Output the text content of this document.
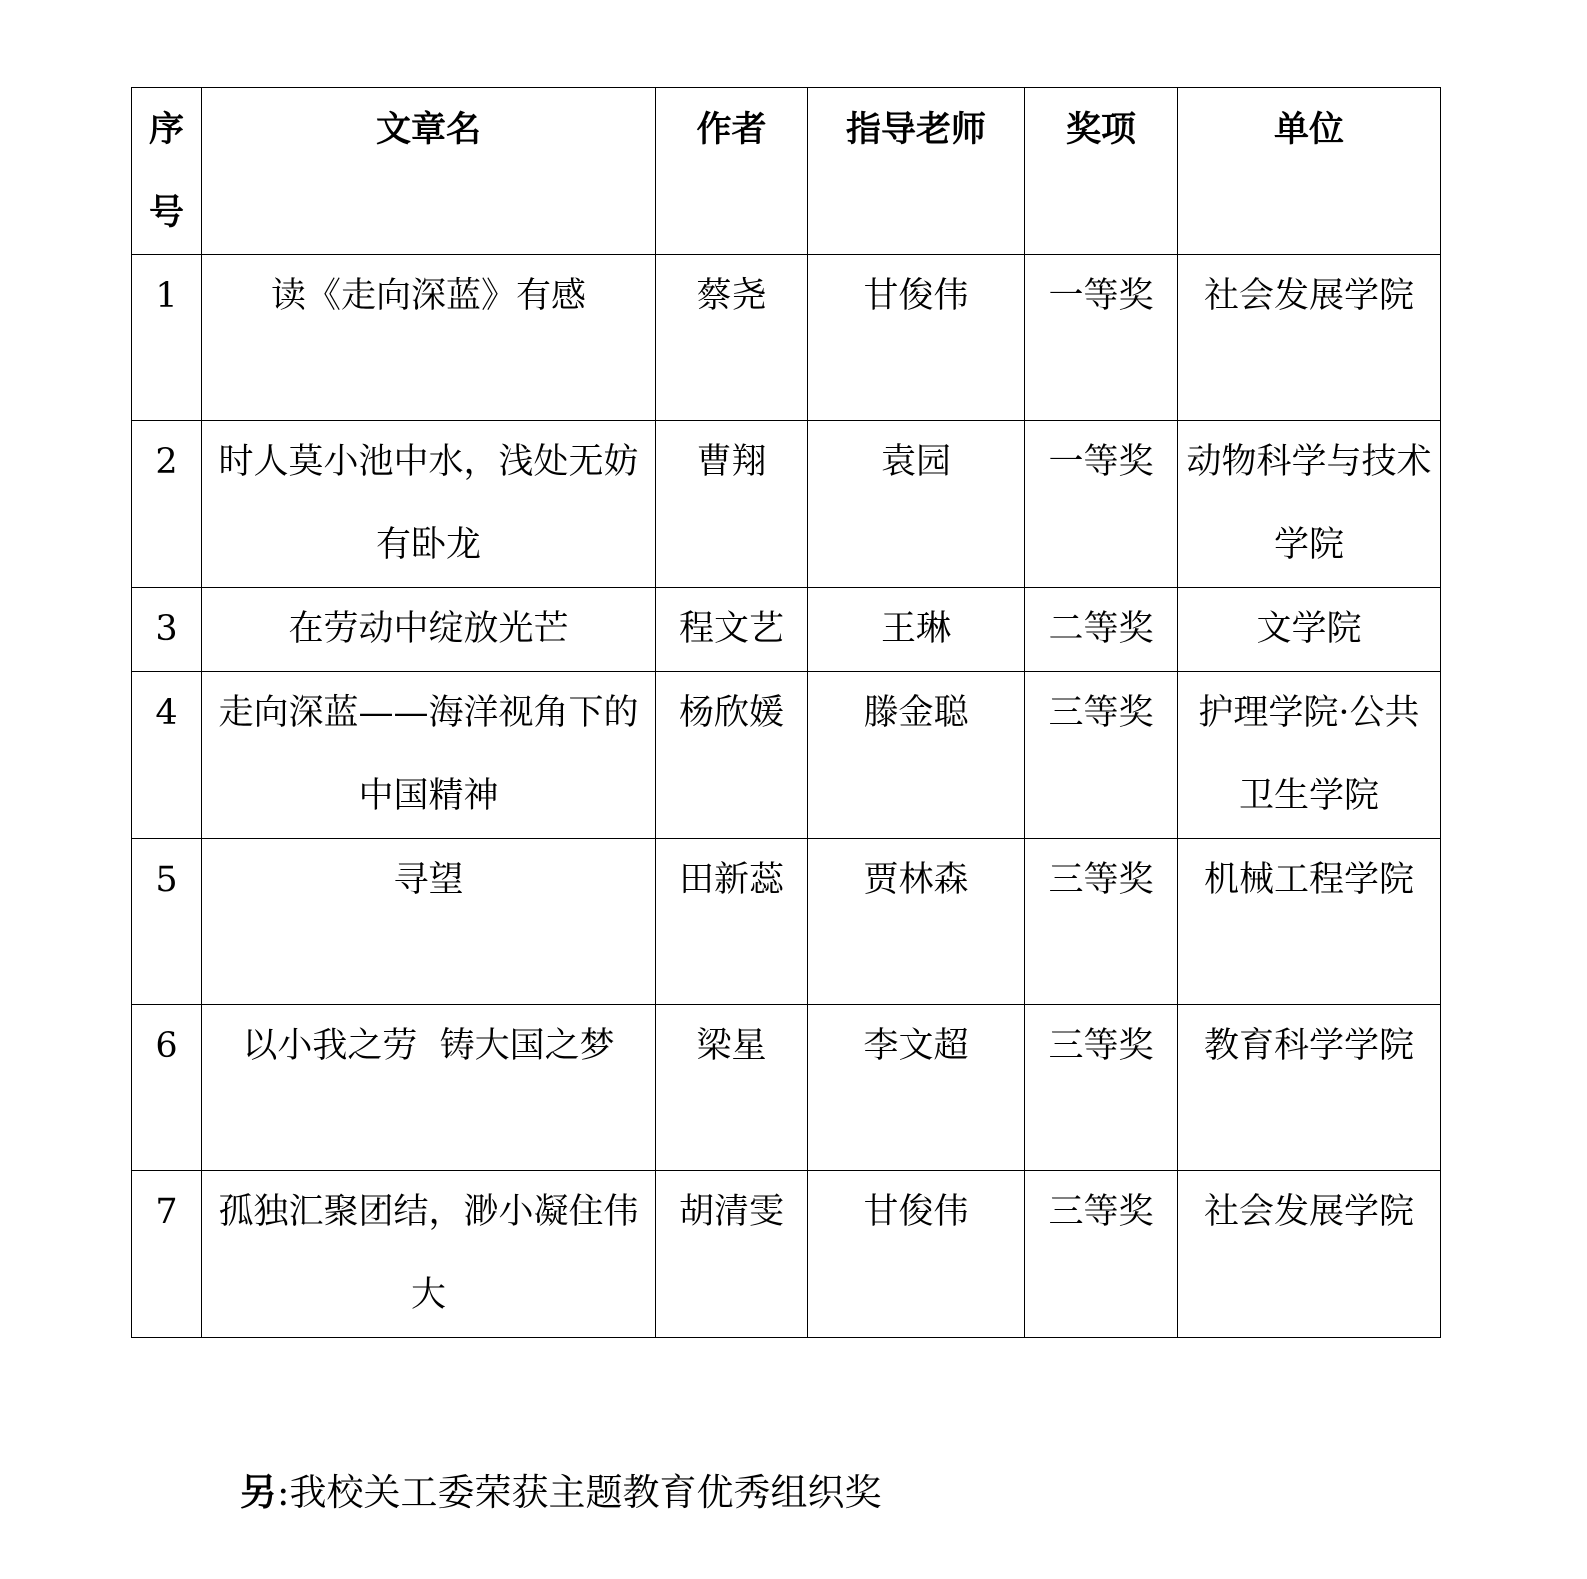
序号	文章名	作者	指导老师	奖项	单位
1	读《走向深蓝》有感	蔡尧	甘俊伟	一等奖	社会发展学院
2	时人莫小池中水，浅处无妨有卧龙	曹翔	袁园	一等奖	动物科学与技术学院
3	在劳动中绽放光芒	程文艺	王琳	二等奖	文学院
4	走向深蓝——海洋视角下的中国精神	杨欣媛	滕金聪	三等奖	护理学院·公共卫生学院
5	寻望	田新蕊	贾林森	三等奖	机械工程学院
6	以小我之劳  铸大国之梦	梁星	李文超	三等奖	教育科学学院
7	孤独汇聚团结，渺小凝住伟大	胡清雯	甘俊伟	三等奖	社会发展学院

另:我校关工委荣获主题教育优秀组织奖
